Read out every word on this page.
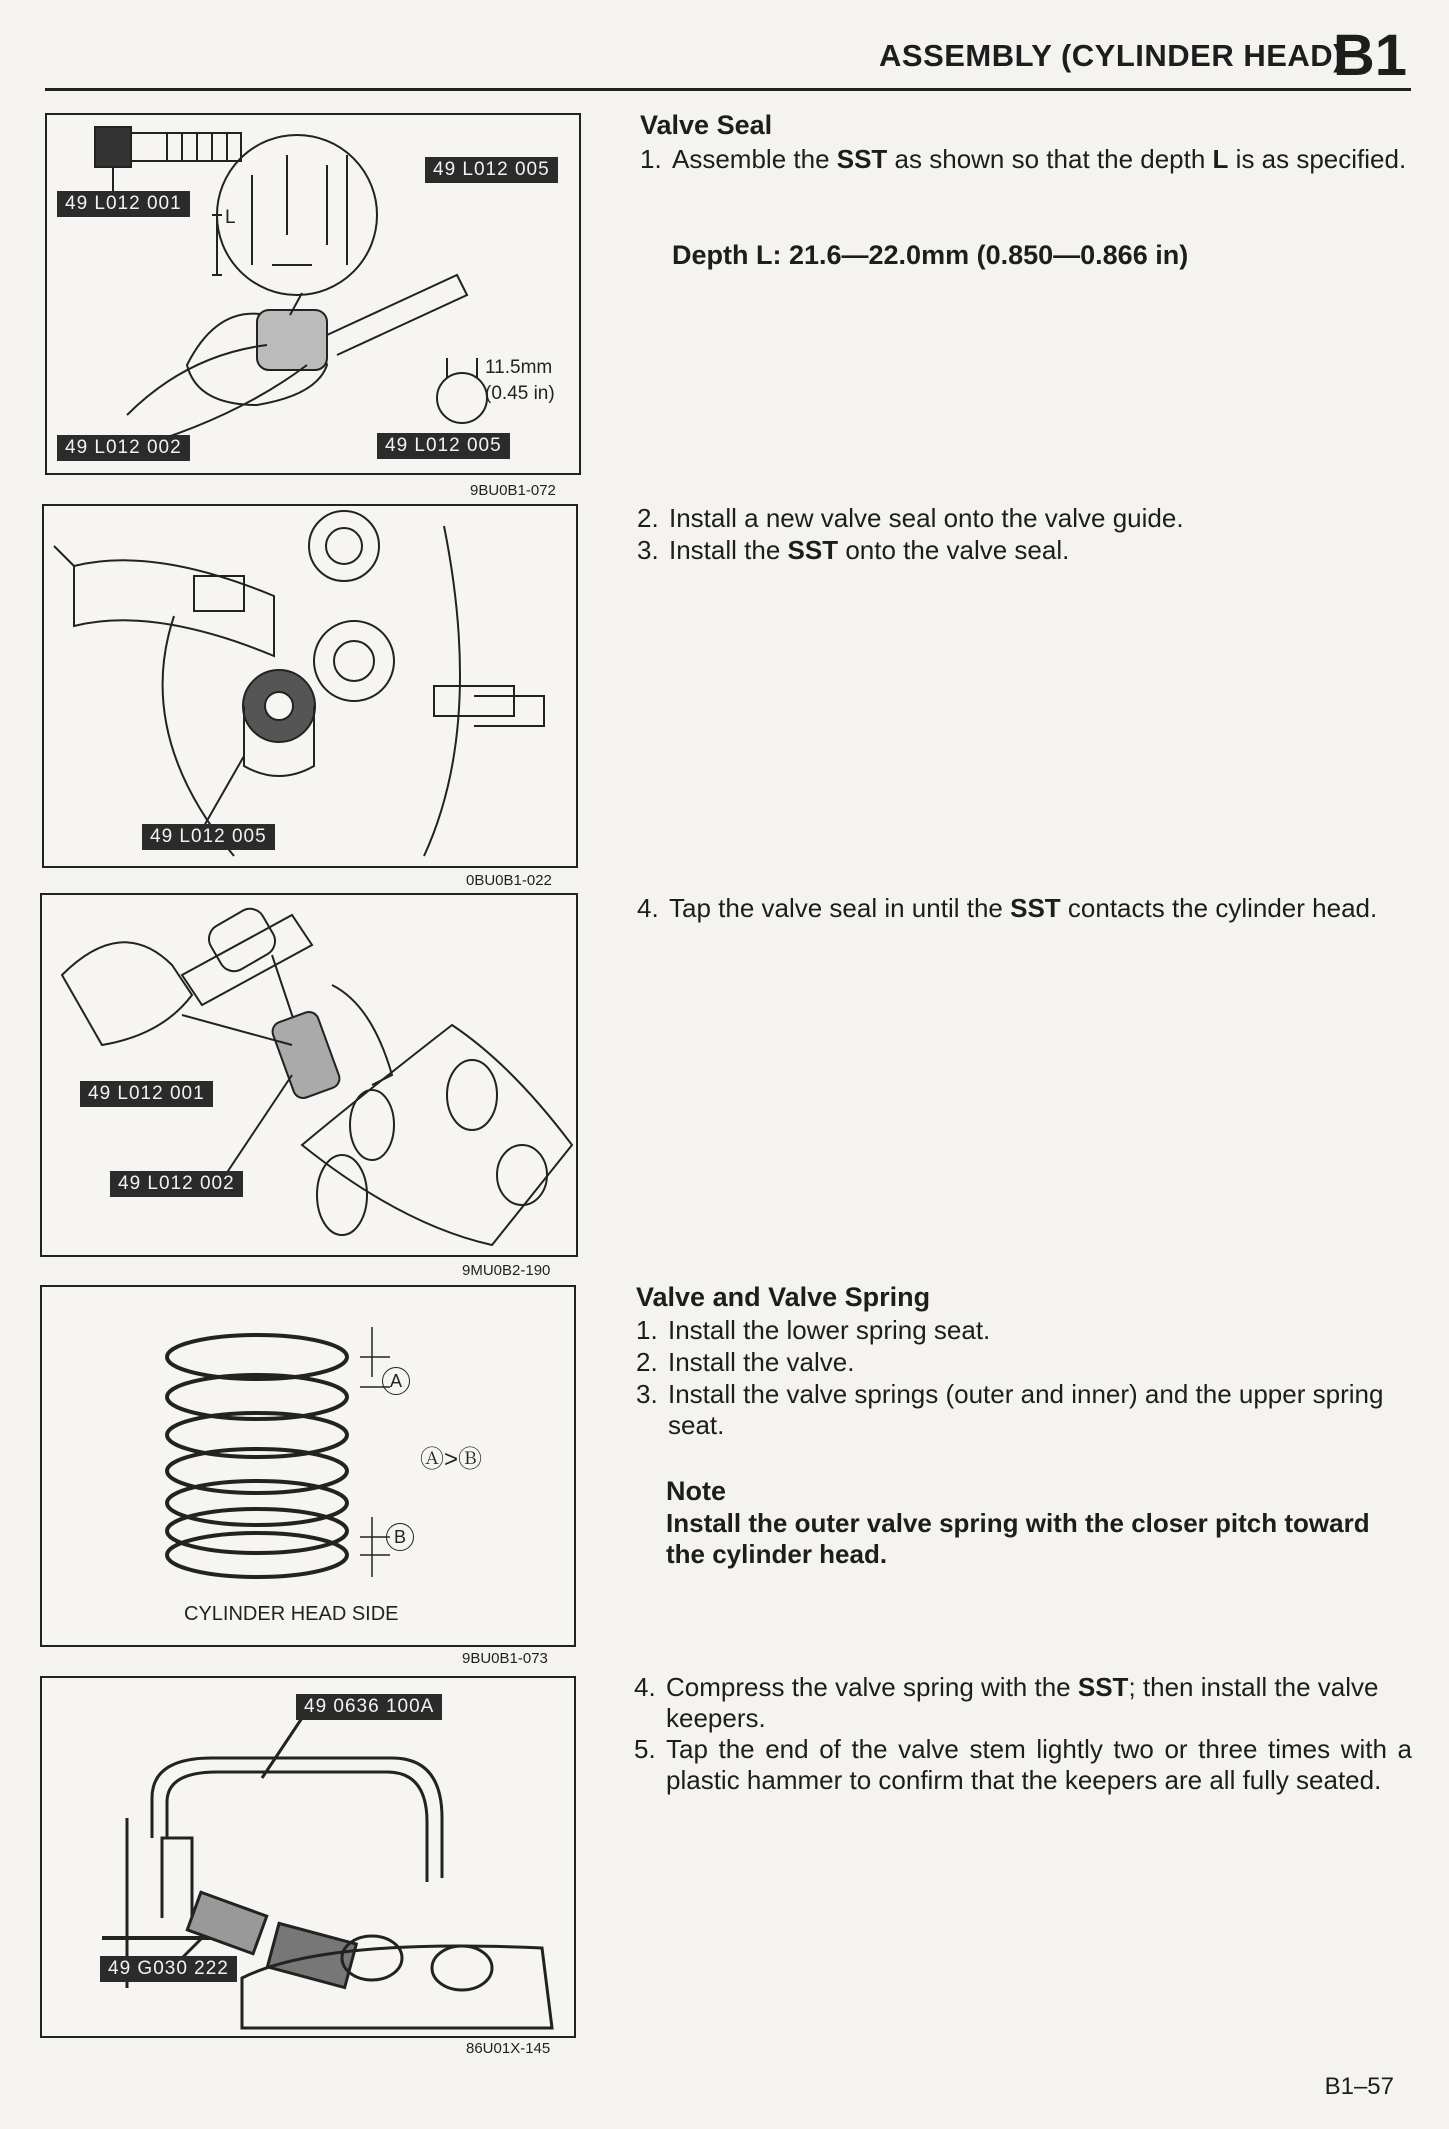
ASSEMBLY (CYLINDER HEAD)
B1
49 L012 001
49 L012 005
49 L012 002	49 L012 005
L
11.5mm
(0.45 in)
9BU0B1-072
49 L012 005
0BU0B1-022
49 L012 001
49 L012 002
9MU0B2-190
A
B
Ⓐ>Ⓑ
CYLINDER HEAD SIDE
9BU0B1-073
49 0636 100A
49 G030 222
86U01X-145
Valve Seal
1. Assemble the SST as shown so that the depth L is as specified.
Depth L: 21.6—22.0mm (0.850—0.866 in)
2. Install a new valve seal onto the valve guide.
3. Install the SST onto the valve seal.
4. Tap the valve seal in until the SST contacts the cylinder head.
Valve and Valve Spring
1. Install the lower spring seat.
2. Install the valve.
3. Install the valve springs (outer and inner) and the upper spring seat.
Note
Install the outer valve spring with the closer pitch toward the cylinder head.
4. Compress the valve spring with the SST; then install the valve keepers.
5. Tap the end of the valve stem lightly two or three times with a plastic hammer to confirm that the keepers are all fully seated.
B1–57
